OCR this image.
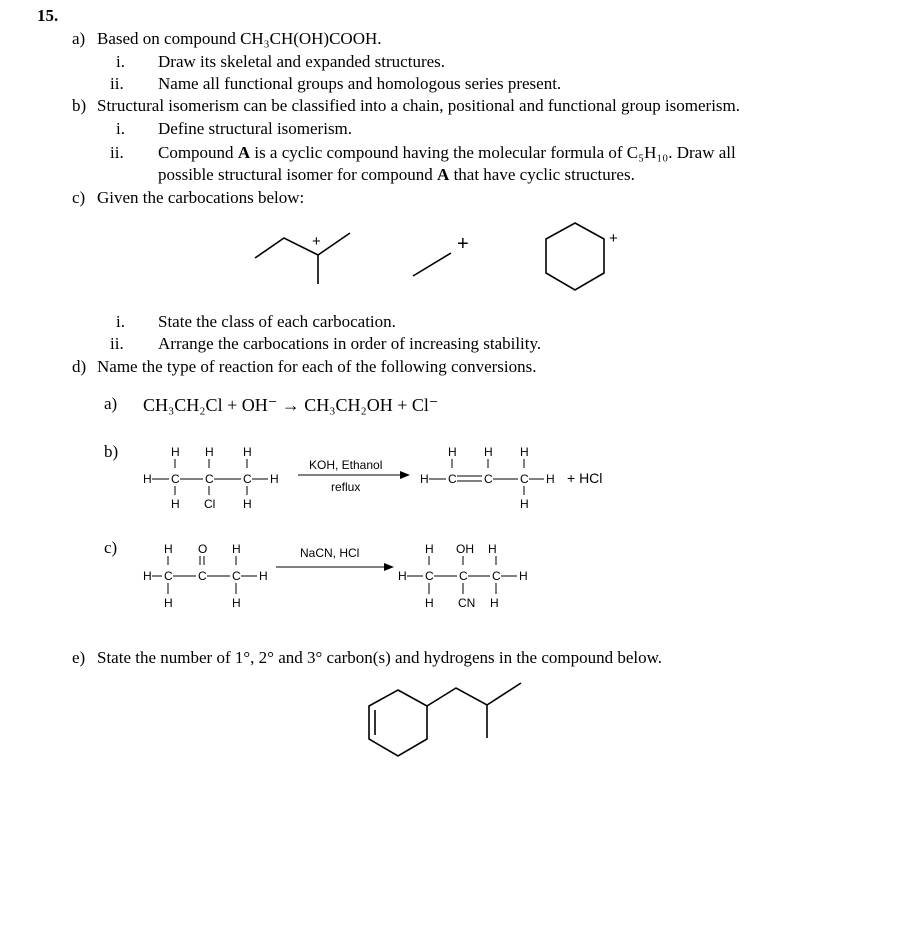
15.
a) Based on compound CH₃CH(OH)COOH.
i. Draw its skeletal and expanded structures.
ii. Name all functional groups and homologous series present.
b) Structural isomerism can be classified into a chain, positional and functional group isomerism.
i. Define structural isomerism.
ii. Compound A is a cyclic compound having the molecular formula of C₅H₁₀. Draw all
possible structural isomer for compound A that have cyclic structures.
c) Given the carbocations below:
i. State the class of each carbocation.
ii. Arrange the carbocations in order of increasing stability.
d) Name the type of reaction for each of the following conversions.
a) CH₃CH₂Cl + OH⁻ → CH₃CH₂OH + Cl⁻
b)
c)
e) State the number of 1°, 2° and 3° carbon(s) and hydrogens in the compound below.
+	+	+
H H H
H C C C H
H Cl H
KOH, Ethanol
reflux
H H H
H C C C H
H
+ HCl
H O H
H C C C H
H	H
NaCN, HCl	H OH H
H C C C H
H CN H
